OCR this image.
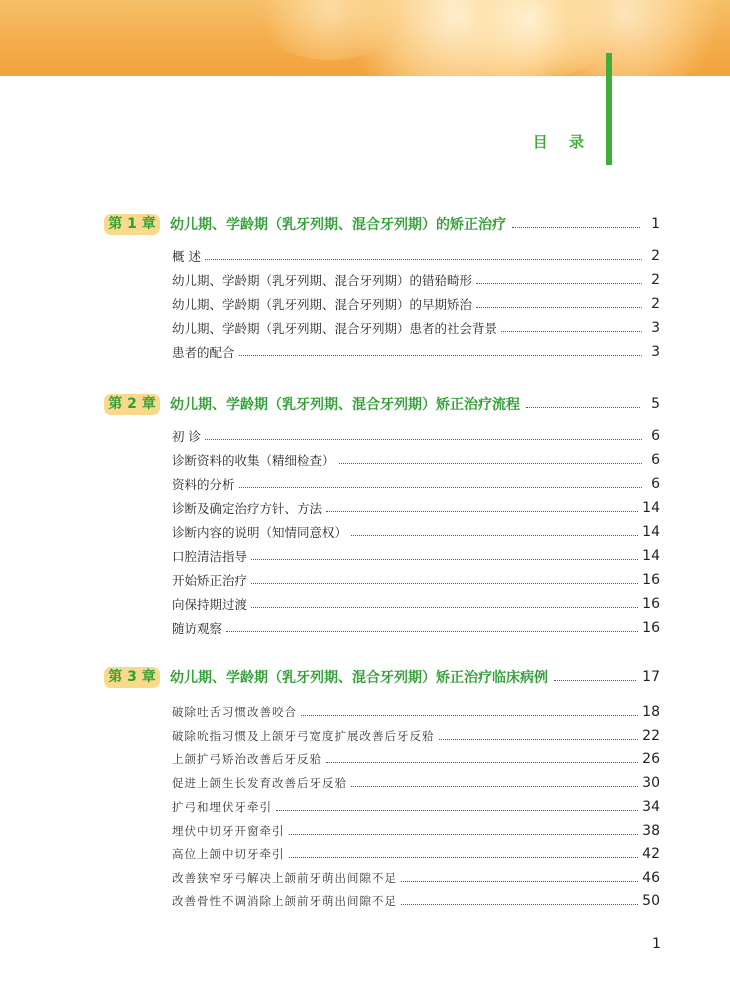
目 录
第 1 章	幼儿期、学龄期（乳牙列期、混合牙列期）的矫正治疗	1
概 述	2
幼儿期、学龄期（乳牙列期、混合牙列期）的错𬌗畸形	2
幼儿期、学龄期（乳牙列期、混合牙列期）的早期矫治	2
幼儿期、学龄期（乳牙列期、混合牙列期）患者的社会背景	3
患者的配合	3
第 2 章	幼儿期、学龄期（乳牙列期、混合牙列期）矫正治疗流程	5
初 诊	6
诊断资料的收集（精细检查）	6
资料的分析	6
诊断及确定治疗方针、方法	14
诊断内容的说明（知情同意权）	14
口腔清洁指导	14
开始矫正治疗	16
向保持期过渡	16
随访观察	16
第 3 章	幼儿期、学龄期（乳牙列期、混合牙列期）矫正治疗临床病例	17
破除吐舌习惯改善咬合	18
破除吮指习惯及上颌牙弓宽度扩展改善后牙反𬌗	22
上颌扩弓矫治改善后牙反𬌗	26
促进上颌生长发育改善后牙反𬌗	30
扩弓和埋伏牙牵引	34
埋伏中切牙开窗牵引	38
高位上颌中切牙牵引	42
改善狭窄牙弓解决上颌前牙萌出间隙不足	46
改善骨性不调消除上颌前牙萌出间隙不足	50
1
